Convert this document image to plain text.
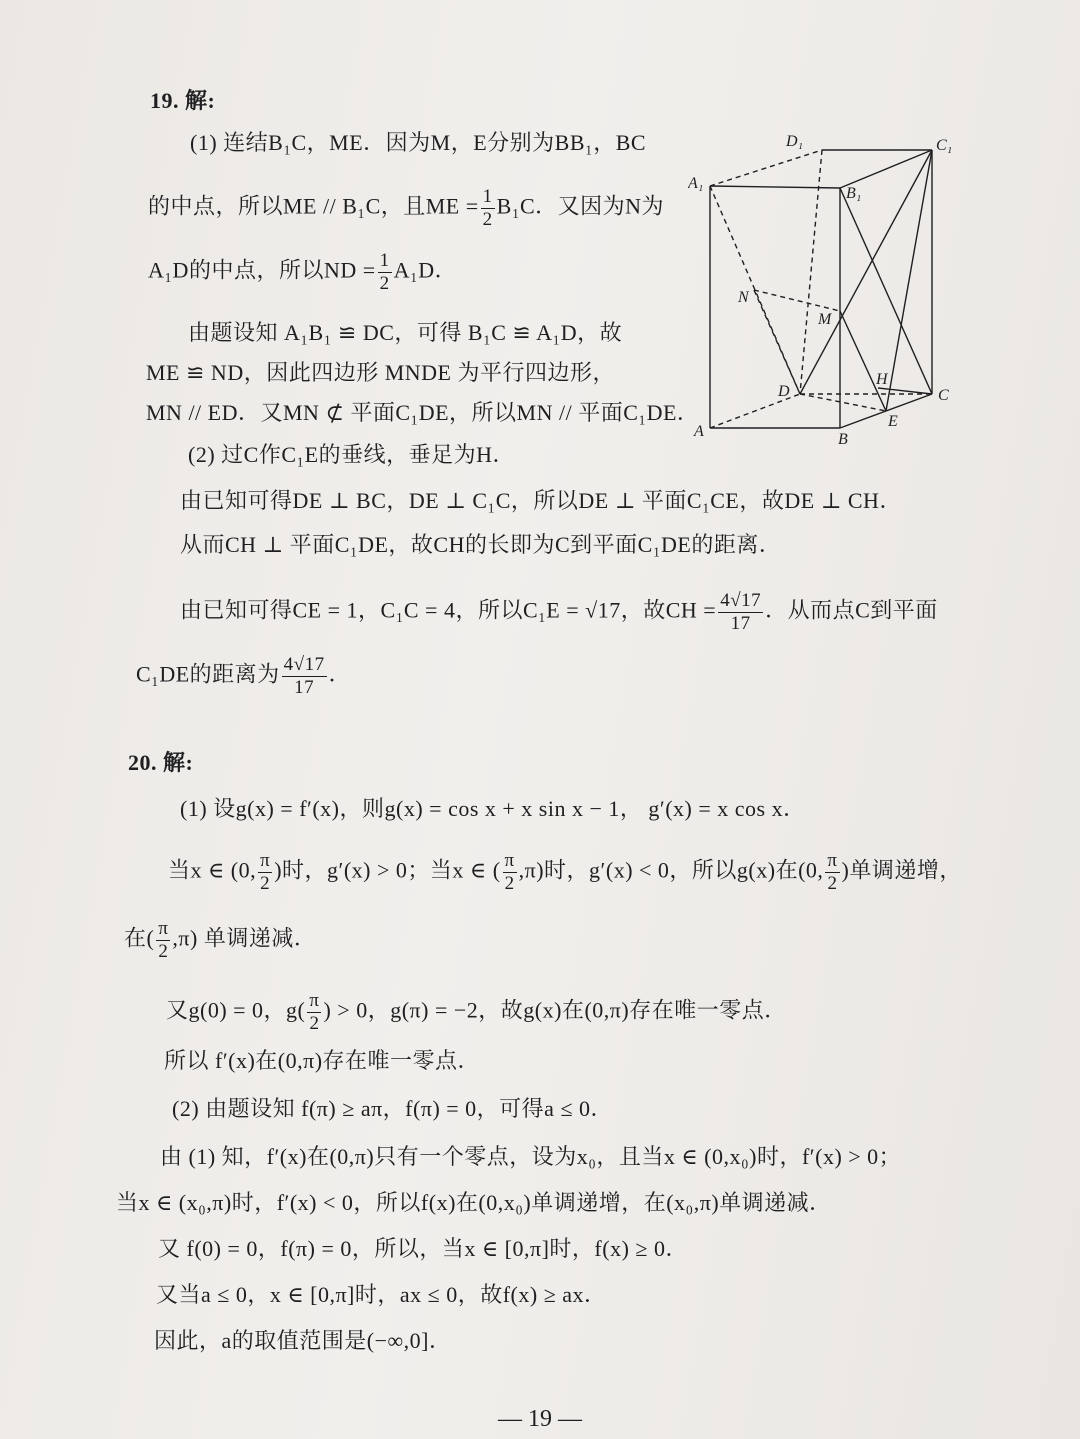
19. 解:
(1) 连结B₁C，ME．因为M，E分别为BB₁，BC
的中点，所以ME // B₁C，且ME = $\frac{1}{2} B_1C$．又因为N为
A₁D的中点，所以ND = $\frac{1}{2} A_1D$．
由题设知 A₁B₁ ≌ DC，可得 B₁C ≌ A₁D，故
ME ≌ ND，因此四边形 MNDE 为平行四边形，
MN // ED．又MN ⊄ 平面C₁DE，所以MN // 平面C₁DE．
(2) 过C作C₁E的垂线，垂足为H．
由已知可得DE ⊥ BC，DE ⊥ C₁C，所以DE ⊥ 平面C₁CE，故DE ⊥ CH．
从而CH ⊥ 平面C₁DE，故CH的长即为C到平面C₁DE的距离．
由已知可得CE = 1，C₁C = 4，所以C₁E = √17，故CH = $\frac{4√17}{17}$ ．从而点C到平面
C₁DE的距离为 $\frac{4√17}{17}$ ．
D₁	C₁
A₁
B₁
N
M
H
D	C
E
A	B
20. 解:
(1) 设g(x) = f′(x)，则g(x) = cos x + x sin x − 1， g′(x) = x cos x．
当x ∈ (0, $\frac{\pi}{2}$ )时，g′(x) > 0；当x ∈ ( $\frac{\pi}{2} ,\pi$)时，g′(x) < 0，所以g(x)在(0, $\frac{\pi}{2}$ )单调递增，
在( $\frac{\pi}{2} ,\pi$) 单调递减．
又g(0) = 0，$g( \frac{\pi}{2}$ ) > 0，g(π) = −2，故g(x)在(0,π)存在唯一零点．
所以 f′(x)在(0,π)存在唯一零点．
(2) 由题设知 f(π) ≥ aπ，f(π) = 0，可得a ≤ 0．
由 (1) 知，f′(x)在(0,π)只有一个零点，设为x₀，且当x ∈ (0,x₀)时，f′(x) > 0；
当x ∈ (x₀,π)时，f′(x) < 0，所以f(x)在(0,x₀)单调递增，在(x₀,π)单调递减．
又 f(0) = 0，f(π) = 0，所以，当x ∈ [0,π]时，f(x) ≥ 0．
又当a ≤ 0，x ∈ [0,π]时，ax ≤ 0，故f(x) ≥ ax．
因此，a的取值范围是(−∞,0]．
— 19 —
